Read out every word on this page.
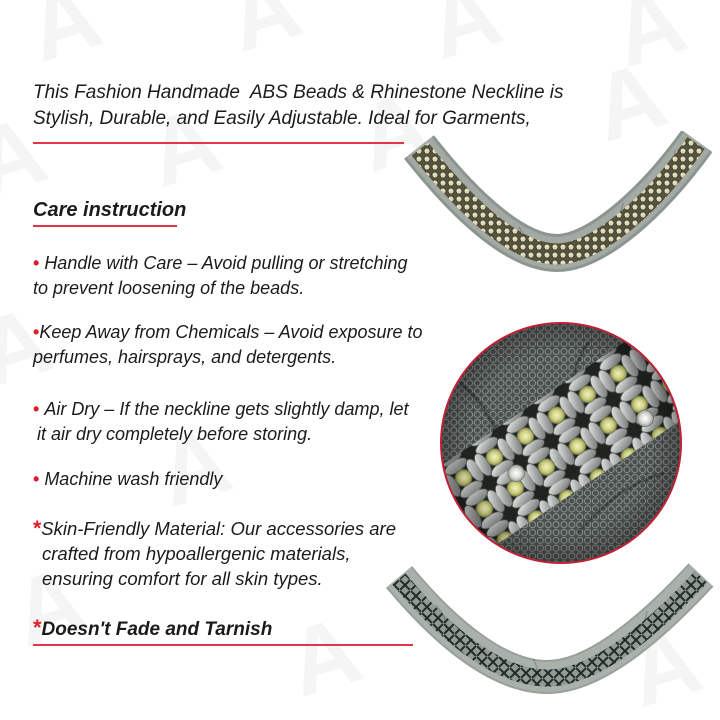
This Fashion Handmade  ABS Beads & Rhinestone Neckline is
Stylish, Durable, and Easily Adjustable. Ideal for Garments,
Care instruction
• Handle with Care – Avoid pulling or stretching
to prevent loosening of the beads.
•Keep Away from Chemicals – Avoid exposure to
perfumes, hairsprays, and detergents.
• Air Dry – If the neckline gets slightly damp, let
it air dry completely before storing.
• Machine wash friendly
*Skin-Friendly Material: Our accessories are
crafted from hypoallergenic materials,
ensuring comfort for all skin types.
*Doesn't Fade and Tarnish
